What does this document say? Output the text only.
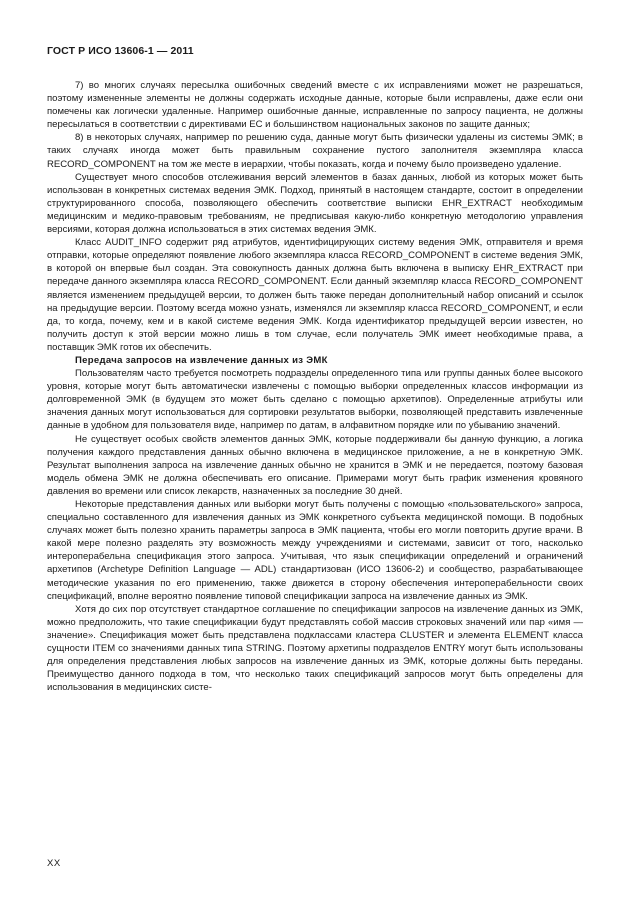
ГОСТ Р ИСО 13606-1 — 2011

7) во многих случаях пересылка ошибочных сведений вместе с их исправлениями может не разрешаться, поэтому измененные элементы не должны содержать исходные данные, которые были исправлены, даже если они помечены как логически удаленные. Например ошибочные данные, исправленные по запросу пациента, не должны пересылаться в соответствии с директивами ЕС и большинством национальных законов по защите данных;

8) в некоторых случаях, например по решению суда, данные могут быть физически удалены из системы ЭМК; в таких случаях иногда может быть правильным сохранение пустого заполнителя экземпляра класса RECORD_COMPONENT на том же месте в иерархии, чтобы показать, когда и почему было произведено удаление.

Существует много способов отслеживания версий элементов в базах данных, любой из которых может быть использован в конкретных системах ведения ЭМК. Подход, принятый в настоящем стандарте, состоит в определении структурированного способа, позволяющего обеспечить соответствие выписки EHR_EXTRACT необходимым медицинским и медико-правовым требованиям, не предписывая какую-либо конкретную методологию управления версиями, которая должна использоваться в этих системах ведения ЭМК.

Класс AUDIT_INFO содержит ряд атрибутов, идентифицирующих систему ведения ЭМК, отправителя и время отправки, которые определяют появление любого экземпляра класса RECORD_COMPONENT в системе ведения ЭМК, в которой он впервые был создан. Эта совокупность данных должна быть включена в выписку EHR_EXTRACT при передаче данного экземпляра класса RECORD_COMPONENT. Если данный экземпляр класса RECORD_COMPONENT является изменением предыдущей версии, то должен быть также передан дополнительный набор описаний и ссылок на предыдущие версии. Поэтому всегда можно узнать, изменялся ли экземпляр класса RECORD_COMPONENT, и если да, то когда, почему, кем и в какой системе ведения ЭМК. Когда идентификатор предыдущей версии известен, но получить доступ к этой версии можно лишь в том случае, если получатель ЭМК имеет необходимые права, а поставщик ЭМК готов их обеспечить.

Передача запросов на извлечение данных из ЭМК

Пользователям часто требуется посмотреть подразделы определенного типа или группы данных более высокого уровня, которые могут быть автоматически извлечены с помощью выборки определенных классов информации из долговременной ЭМК (в будущем это может быть сделано с помощью архетипов). Определенные атрибуты или значения данных могут использоваться для сортировки результатов выборки, позволяющей представить извлеченные данные в удобном для пользователя виде, например по датам, в алфавитном порядке или по убыванию значений.

Не существует особых свойств элементов данных ЭМК, которые поддерживали бы данную функцию, а логика получения каждого представления данных обычно включена в медицинское приложение, а не в конкретную ЭМК. Результат выполнения запроса на извлечение данных обычно не хранится в ЭМК и не передается, поэтому базовая модель обмена ЭМК не должна обеспечивать его описание. Примерами могут быть график изменения кровяного давления во времени или список лекарств, назначенных за последние 30 дней.

Некоторые представления данных или выборки могут быть получены с помощью «пользовательского» запроса, специально составленного для извлечения данных из ЭМК конкретного субъекта медицинской помощи. В подобных случаях может быть полезно хранить параметры запроса в ЭМК пациента, чтобы его могли повторить другие врачи. В какой мере полезно разделять эту возможность между учреждениями и системами, зависит от того, насколько интероперабельна спецификация этого запроса. Учитывая, что язык спецификации определений и ограничений архетипов (Archetype Definition Language — ADL) стандартизован (ИСО 13606-2) и сообщество, разрабатывающее методические указания по его применению, также движется в сторону обеспечения интероперабельности своих спецификаций, вполне вероятно появление типовой спецификации запроса на извлечение данных из ЭМК.

Хотя до сих пор отсутствует стандартное соглашение по спецификации запросов на извлечение данных из ЭМК, можно предположить, что такие спецификации будут представлять собой массив строковых значений или пар «имя — значение». Спецификация может быть представлена подклассами кластера CLUSTER и элемента ELEMENT класса сущности ITEM со значениями данных типа STRING. Поэтому архетипы подразделов ENTRY могут быть использованы для определения представления любых запросов на извлечение данных из ЭМК, которые должны быть переданы. Преимущество данного подхода в том, что несколько таких спецификаций запросов могут быть определены для использования в медицинских систе-

XX
